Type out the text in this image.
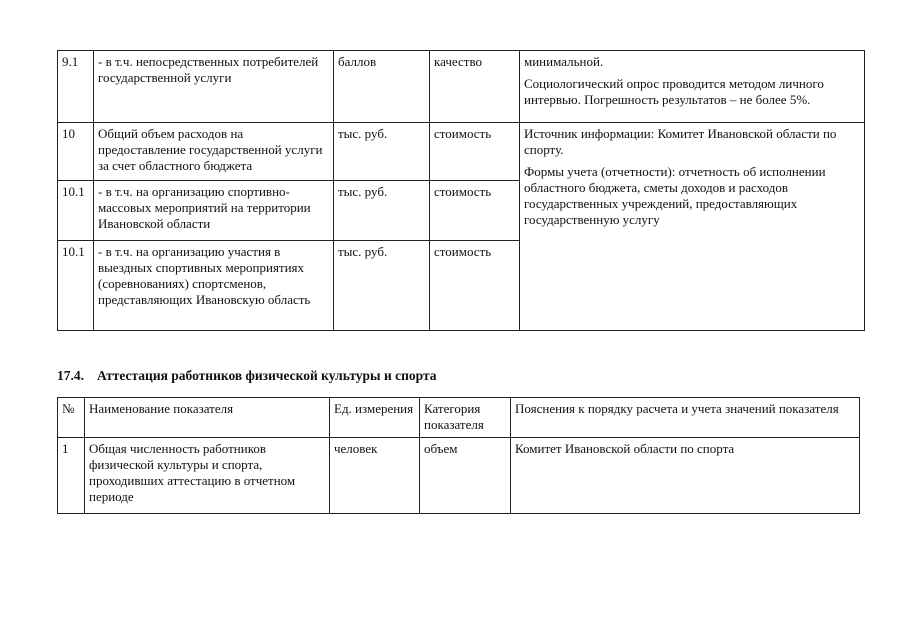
9.1	- в т.ч. непосредственных потребителей государственной услуги	баллов	качество	минимальной.

Социологический опрос проводится методом личного интервью. Погрешность результатов – не более 5%.

10	Общий объем расходов на предоставление государственной услуги за счет областного бюджета	тыс. руб.	стоимость	Источник информации: Комитет Ивановской области по спорту.

Формы учета (отчетности): отчетность об исполнении областного бюджета, сметы доходов и расходов государственных учреждений, предоставляющих государственную услугу

10.1	- в т.ч. на организацию спортивно-массовых мероприятий на территории Ивановской области	тыс. руб.	стоимость	
10.1	- в т.ч. на организацию участия в выездных спортивных мероприятиях (соревнованиях) спортсменов, представляющих Ивановскую область	тыс. руб.	стоимость	
17.4. Аттестация работников физической культуры и спорта
№	Наименование показателя	Ед. измерения	Категория показателя	Пояснения к порядку расчета и учета значений показателя
1	Общая численность работников физической культуры и спорта, проходивших аттестацию в отчетном периоде	человек	объем	Комитет Ивановской области по спорта
